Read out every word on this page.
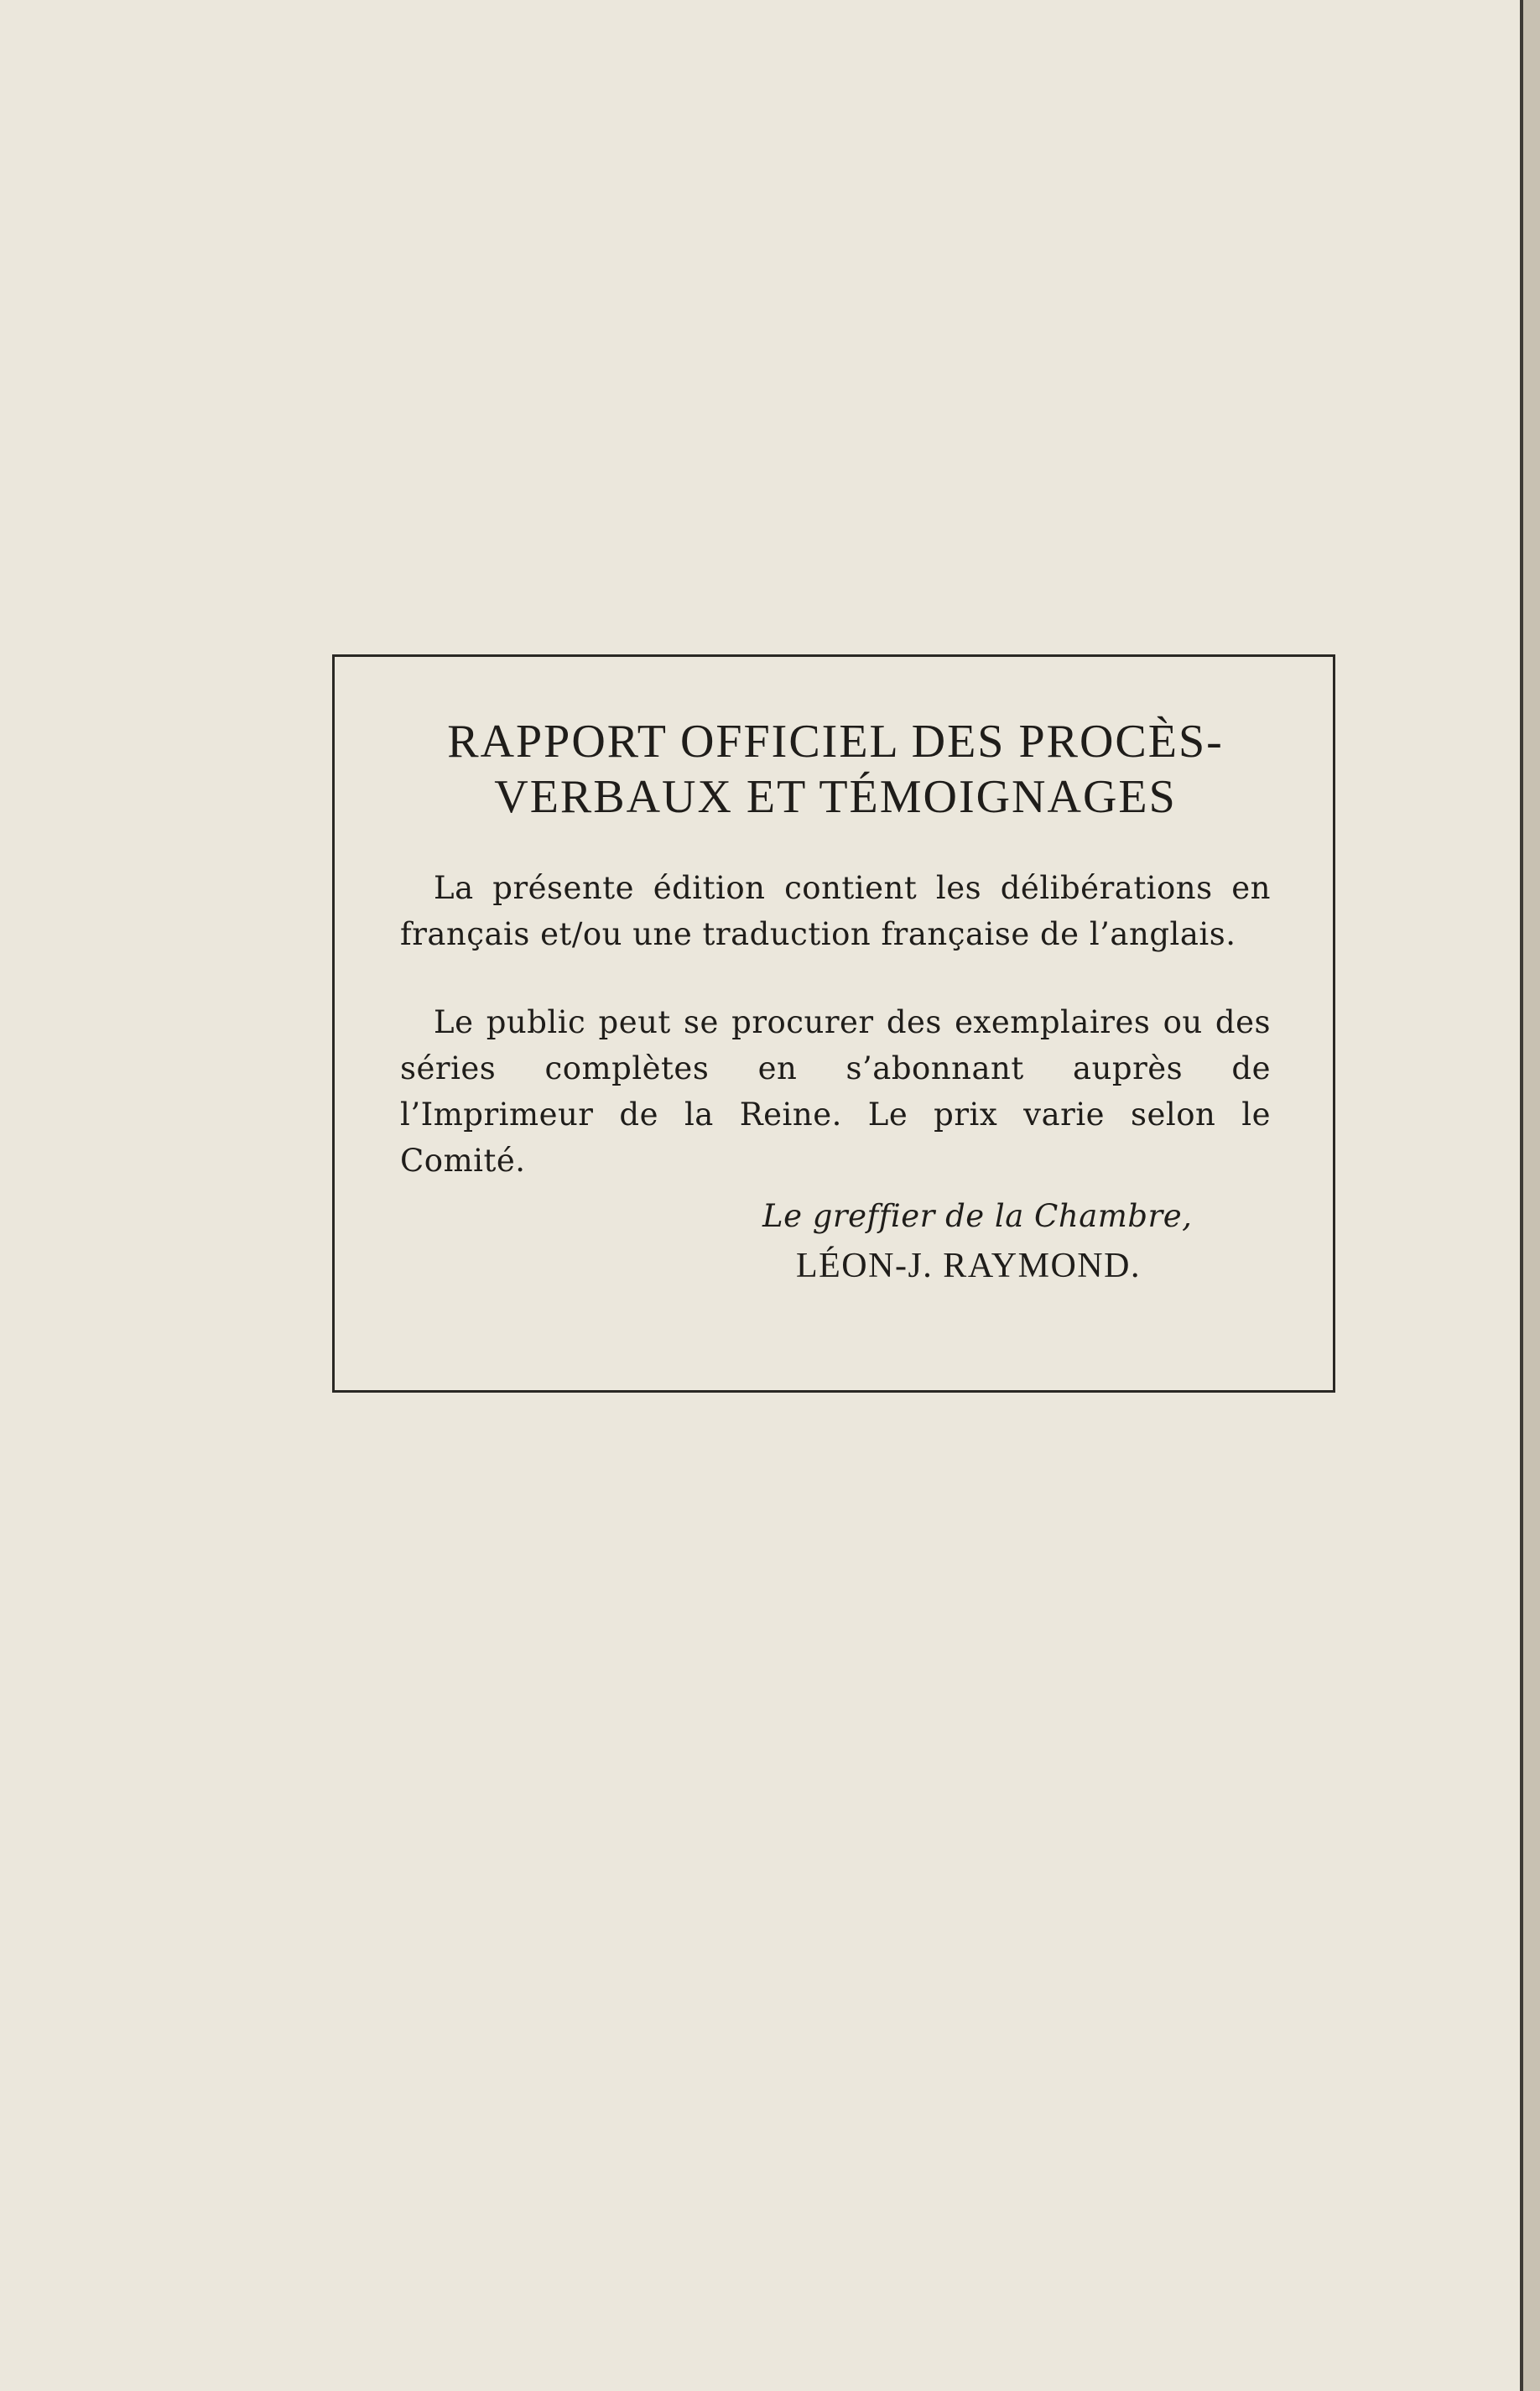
RAPPORT OFFICIEL DES PROCÈS-VERBAUX ET TÉMOIGNAGES

La présente édition contient les délibérations en français et/ou une traduction française de l’anglais.

Le public peut se procurer des exemplaires ou des séries complètes en s’abonnant auprès de l’Imprimeur de la Reine. Le prix varie selon le Comité.

Le greffier de la Chambre,
LÉON-J. RAYMOND.
